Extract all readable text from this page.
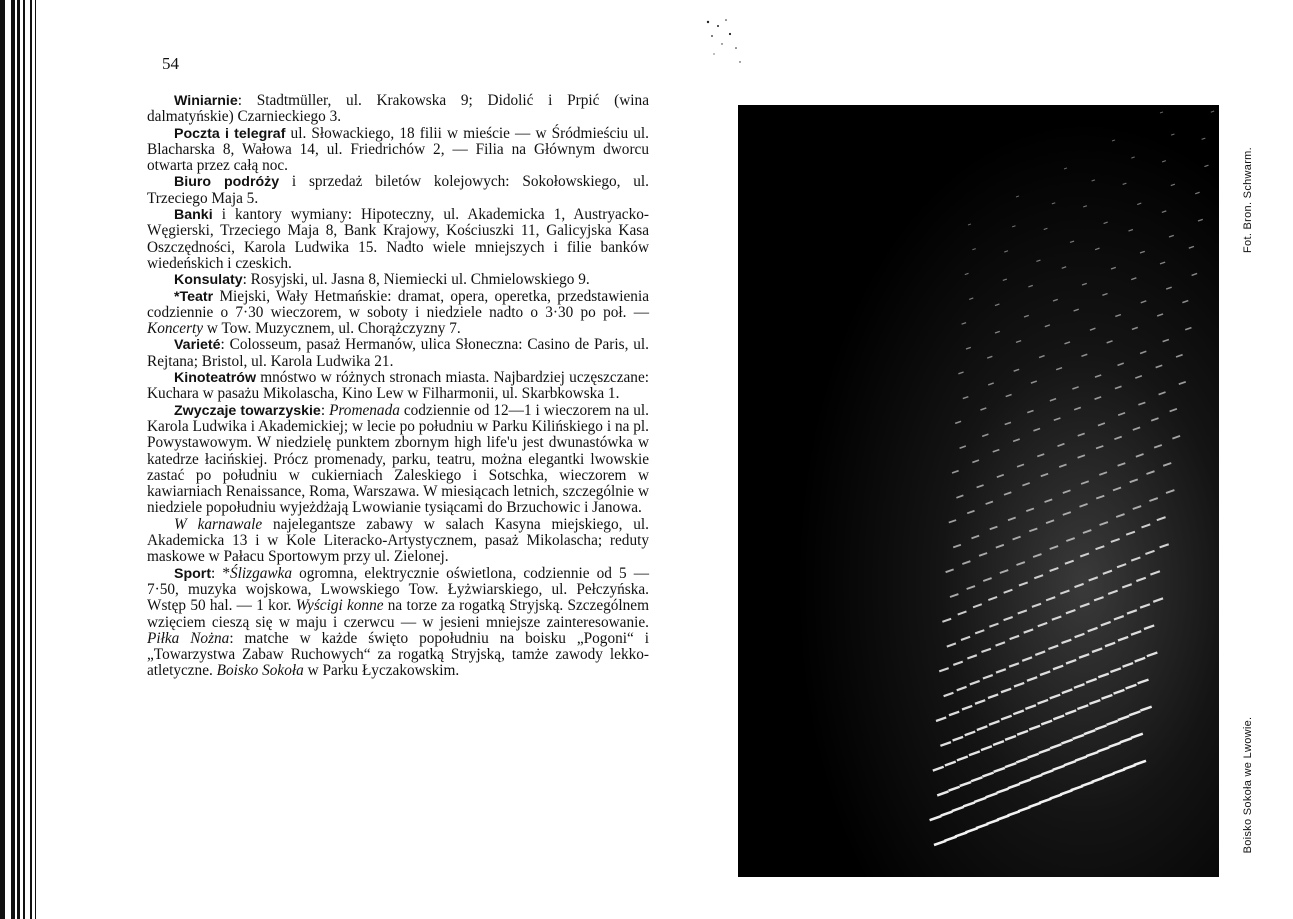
54

Winiarnie: Stadtmüller, ul. Krakowska 9; Didolić i Prpić (wina dalmatyńskie) Czarnieckiego 3.

Poczta i telegraf ul. Słowackiego, 18 filii w mieście — w Śródmieściu ul. Blacharska 8, Wałowa 14, ul. Friedrichów 2, — Filia na Głównym dworcu otwarta przez całą noc.

Biuro podróży i sprzedaż biletów kolejowych: Sokołowskiego, ul. Trzeciego Maja 5.

Banki i kantory wymiany: Hipoteczny, ul. Akademicka 1, Austryacko-Węgierski, Trzeciego Maja 8, Bank Krajowy, Kościuszki 11, Galicyjska Kasa Oszczędności, Karola Ludwika 15. Nadto wiele mniejszych i filie banków wiedeńskich i czeskich.

Konsulaty: Rosyjski, ul. Jasna 8, Niemiecki ul. Chmielowskiego 9.

*Teatr Miejski, Wały Hetmańskie: dramat, opera, operetka, przedstawienia codziennie o 7·30 wieczorem, w soboty i niedziele nadto o 3·30 po poł. — Koncerty w Tow. Muzycznem, ul. Chorążczyzny 7.

Varieté: Colosseum, pasaż Hermanów, ulica Słoneczna: Casino de Paris, ul. Rejtana; Bristol, ul. Karola Ludwika 21.

Kinoteatrów mnóstwo w różnych stronach miasta. Najbardziej uczęszczane: Kuchara w pasażu Mikolascha, Kino Lew w Filharmonii, ul. Skarbkowska 1.

Zwyczaje towarzyskie: Promenada codziennie od 12—1 i wieczorem na ul. Karola Ludwika i Akademickiej; w lecie po południu w Parku Kilińskiego i na pl. Powystawowym. W niedzielę punktem zbornym high life'u jest dwunastówka w katedrze łacińskiej. Prócz promenady, parku, teatru, można elegantki lwowskie zastać po południu w cukierniach Zaleskiego i Sotschka, wieczorem w kawiarniach Renaissance, Roma, Warszawa. W miesiącach letnich, szczególnie w niedziele popołudniu wyjeżdżają Lwowianie tysiącami do Brzuchowic i Janowa.

W karnawale najelegantsze zabawy w salach Kasyna miejskiego, ul. Akademicka 13 i w Kole Literacko-Artystycznem, pasaż Mikolascha; reduty maskowe w Pałacu Sportowym przy ul. Zielonej.

Sport: *Ślizgawka ogromna, elektrycznie oświetlona, codziennie od 5 — 7·50, muzyka wojskowa, Lwowskiego Tow. Łyżwiarskiego, ul. Pełczyńska. Wstęp 50 hal. — 1 kor. Wyścigi konne na torze za rogatką Stryjską. Szczególnem wzięciem cieszą się w maju i czerwcu — w jesieni mniejsze zainteresowanie. Piłka Nożna: matche w każde święto popołudniu na boisku „Pogoni“ i „Towarzystwa Zabaw Ruchowych“ za rogatką Stryjską, tamże zawody lekko-atletyczne. Boisko Sokoła w Parku Łyczakowskim.

Fot. Bron. Schwarm.
Boisko Sokoła we Lwowie.
